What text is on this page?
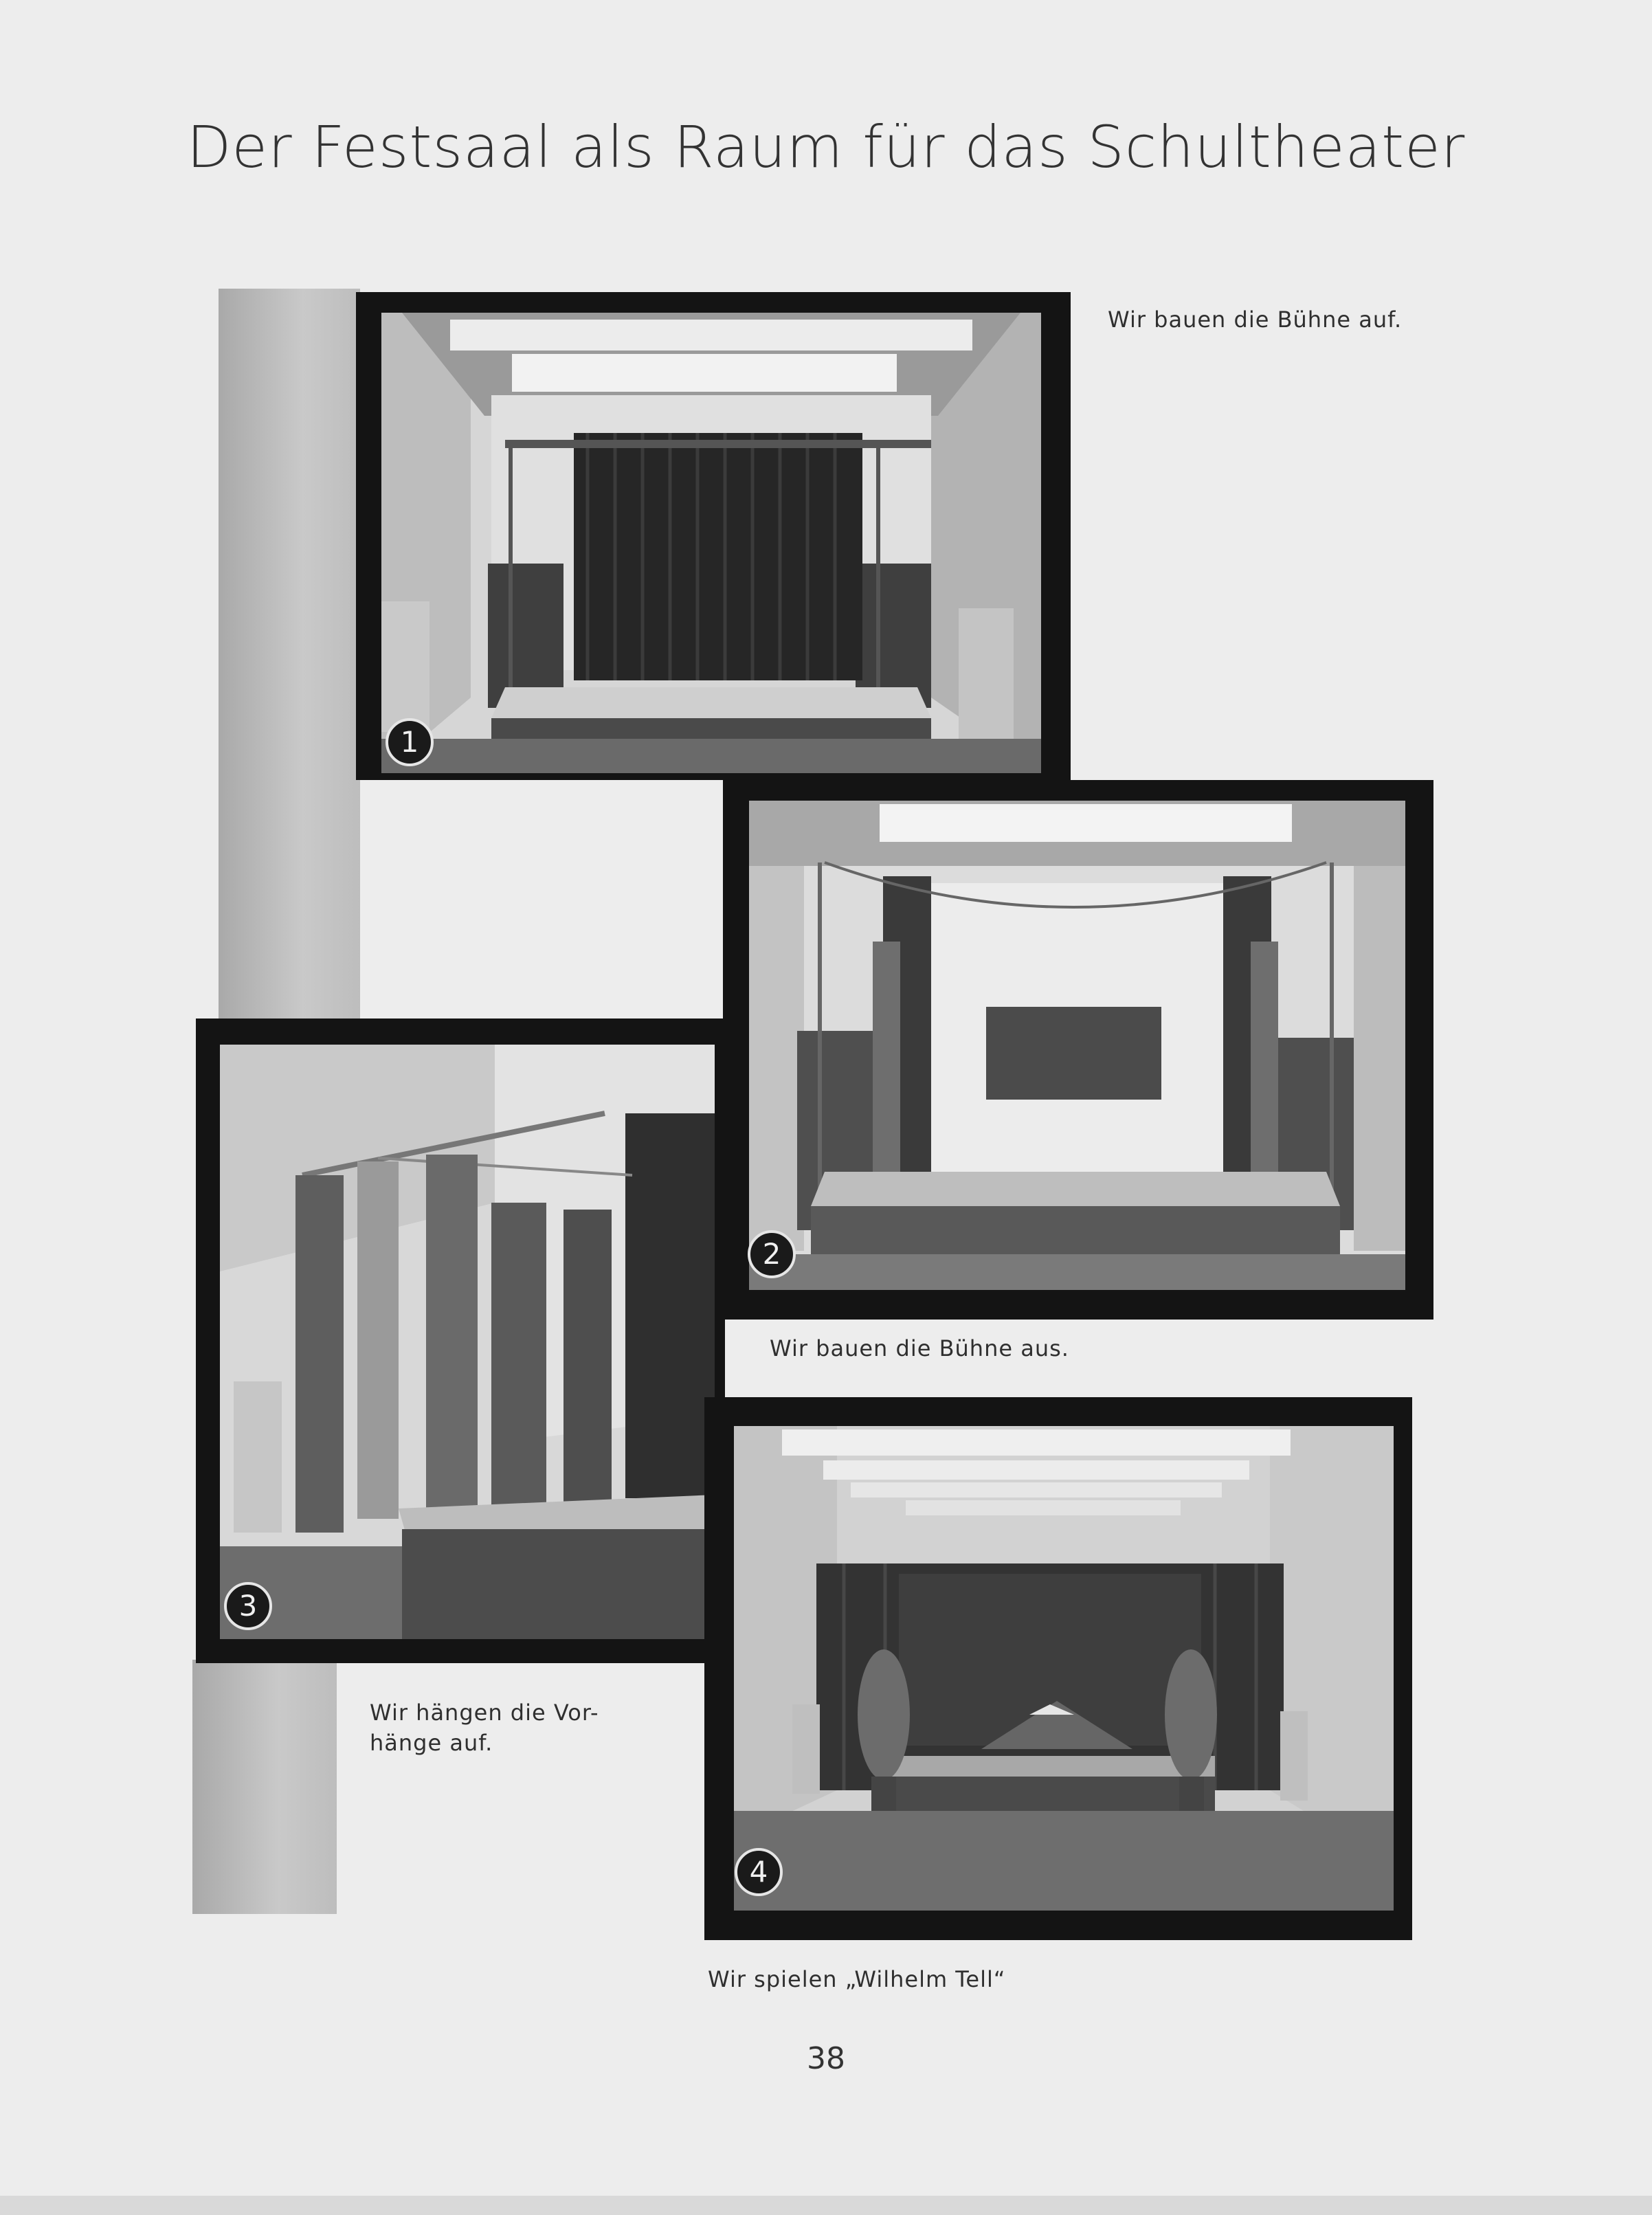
Der Festsaal als Raum für das Schultheater
1
Wir bauen die Bühne auf.
2
Wir bauen die Bühne aus.
3
Wir hängen die Vor-
hänge auf.
4
Wir spielen „Wilhelm Tell“
38
